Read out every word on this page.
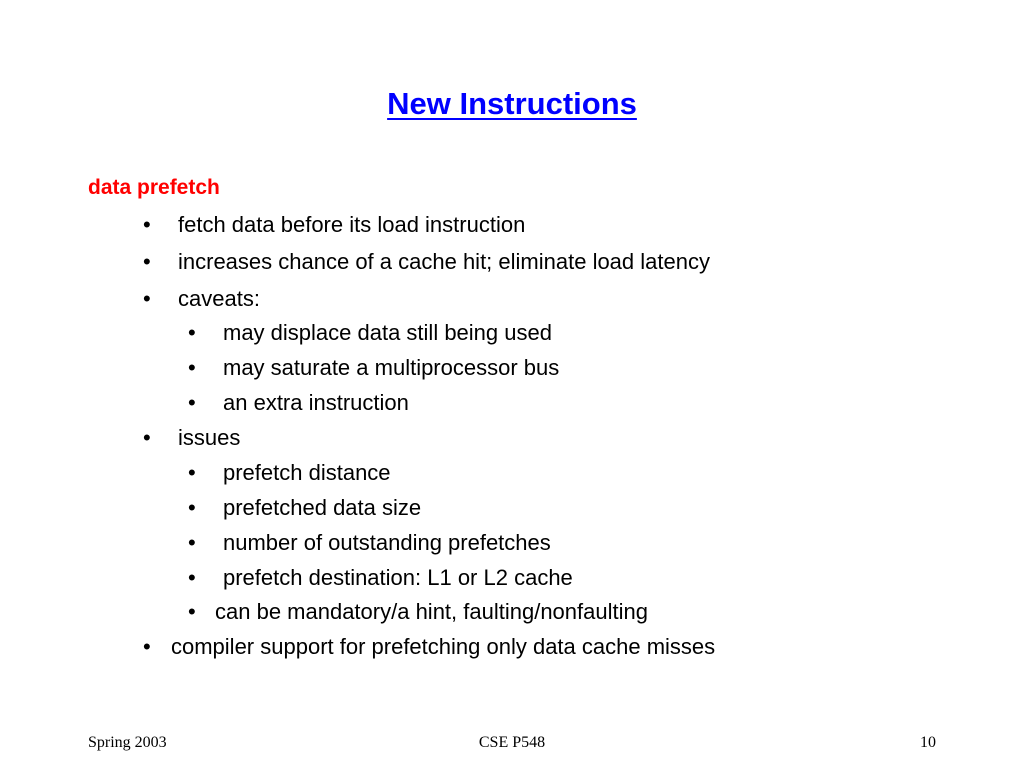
New Instructions
data prefetch
• fetch data before its load instruction
• increases chance of a cache hit; eliminate load latency
• caveats:
• may displace data still being used
• may saturate a multiprocessor bus
• an extra instruction
• issues
• prefetch distance
• prefetched data size
• number of outstanding prefetches
• prefetch destination: L1 or L2 cache
• can be mandatory/a hint, faulting/nonfaulting
• compiler support for prefetching only data cache misses
Spring 2003	CSE P548	10
